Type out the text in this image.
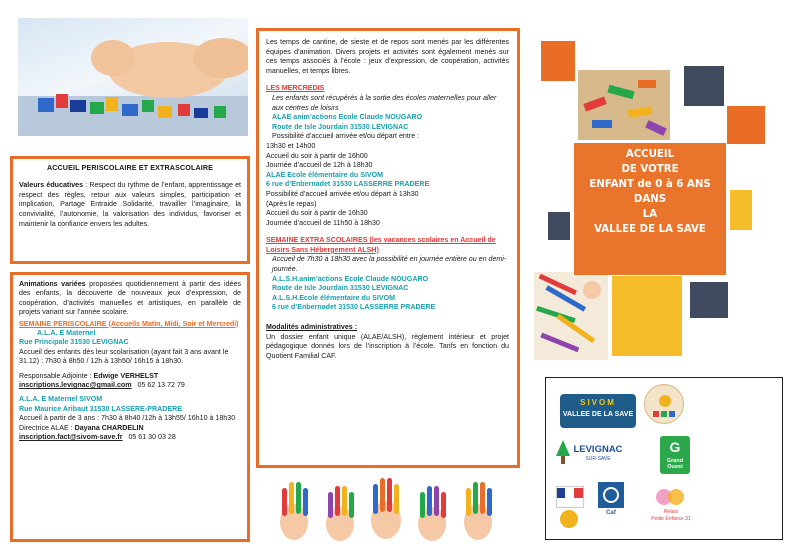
ACCUEIL PERISCOLAIRE ET EXTRASCOLAIRE

Valeurs éducatives : Respect du rythme de l’enfant, apprentissage et respect des règles, retour aux valeurs simples, participation et implication, Partage Entraide Solidarité, travailler l’imaginaire, la convivialité, l’autonomie, la valorisation des individus, favoriser et maintenir la confiance envers les adultes.

Animations variées proposées quotidiennement à partir des idées des enfants, la découverte de nouveaux jeux d’expression, de coopération, d’activités manuelles et artistiques, en parallèle de projets variant sur l’année scolaire.
SEMAINE PERISCOLAIRE (Accueils Matin, Midi, Soir et Mercredi)
A.L.A. E Maternel
Rue Principale 31530 LEVIGNAC
Accueil des enfants dès leur scolarisation (ayant fait 3 ans avant le 31.12) : 7h30 à 8h50 / 12h à 13h50/ 16h15 à 18h30.
Responsable Adjointe : Edwige VERHELST
inscriptions.levignac@gmail.com 05 62 13 72 79
A.L.A. E Maternel SIVOM
Rue Maurice Aribaut 31530 LASSERE-PRADERE
Accueil à partir de 3 ans : 7h30 à 8h40 /12h à 13h55/ 16h10 à 18h30
Directrice ALAE : Dayana CHARDELIN
inscription.fact@sivom-save.fr 05 61 30 03 28
Les temps de cantine, de sieste et de repos sont menés par les différentes équipes d’animation. Divers projets et activités sont également menés sur ces temps associés à l’école : jeux d’expression, de coopération, activités manuelles, et temps libres.
LES MERCREDIS
Les enfants sont récupérés à la sortie des écoles maternelles pour aller aux centres de loisirs
ALAE anim’actions Ecole Claude NOUGARO
Route de Isle Jourdain 31530 LEVIGNAC
Possibilité d’accueil arrivée et/ou départ entre :
13h30 et 14h00
Accueil du soir à partir de 16h00
Journée d’accueil de 12h à 18h30
ALAE Ecole élémentaire du SIVOM
6 rue d’Enbernadet 31530 LASSERRE PRADERE
Possibilité d’accueil arrivée et/ou départ à 13h30
(Après le repas)
Accueil du soir à partir de 16h30
Journée d’accueil de 11h50 à 18h30
SEMAINE EXTRA SCOLAIRES (les vacances scolaires en Accueil de Loisirs Sans Hébergement ALSH)
Accueil de 7h30 à 18h30 avec la possibilité en journée entière ou en demi-journée.
A.L.S.H.anim’actions Ecole Claude NOUGARO
Route de Isle Jourdain 31530 LEVIGNAC
A.L.S.H.Ecole élémentaire du SIVOM
6 rue d’Enbernadet 31530 LASSERRE PRADERE
Modalités administratives :
Un dossier enfant unique (ALAE/ALSH), règlement intérieur et projet pédagogique donnés lors de l’inscription à l’école. Tarifs en fonction du Quotient Familial CAF.
ACCUEIL
DE VOTRE
ENFANT de 0 à 6 ANS
DANS
LA
VALLEE DE LA SAVE
SIVOM
VALLEE DE LA SAVE
LEVIGNAC
SUR-SAVE
G
Grand Ouest
Caf	Relais
Petite Enfance 31
